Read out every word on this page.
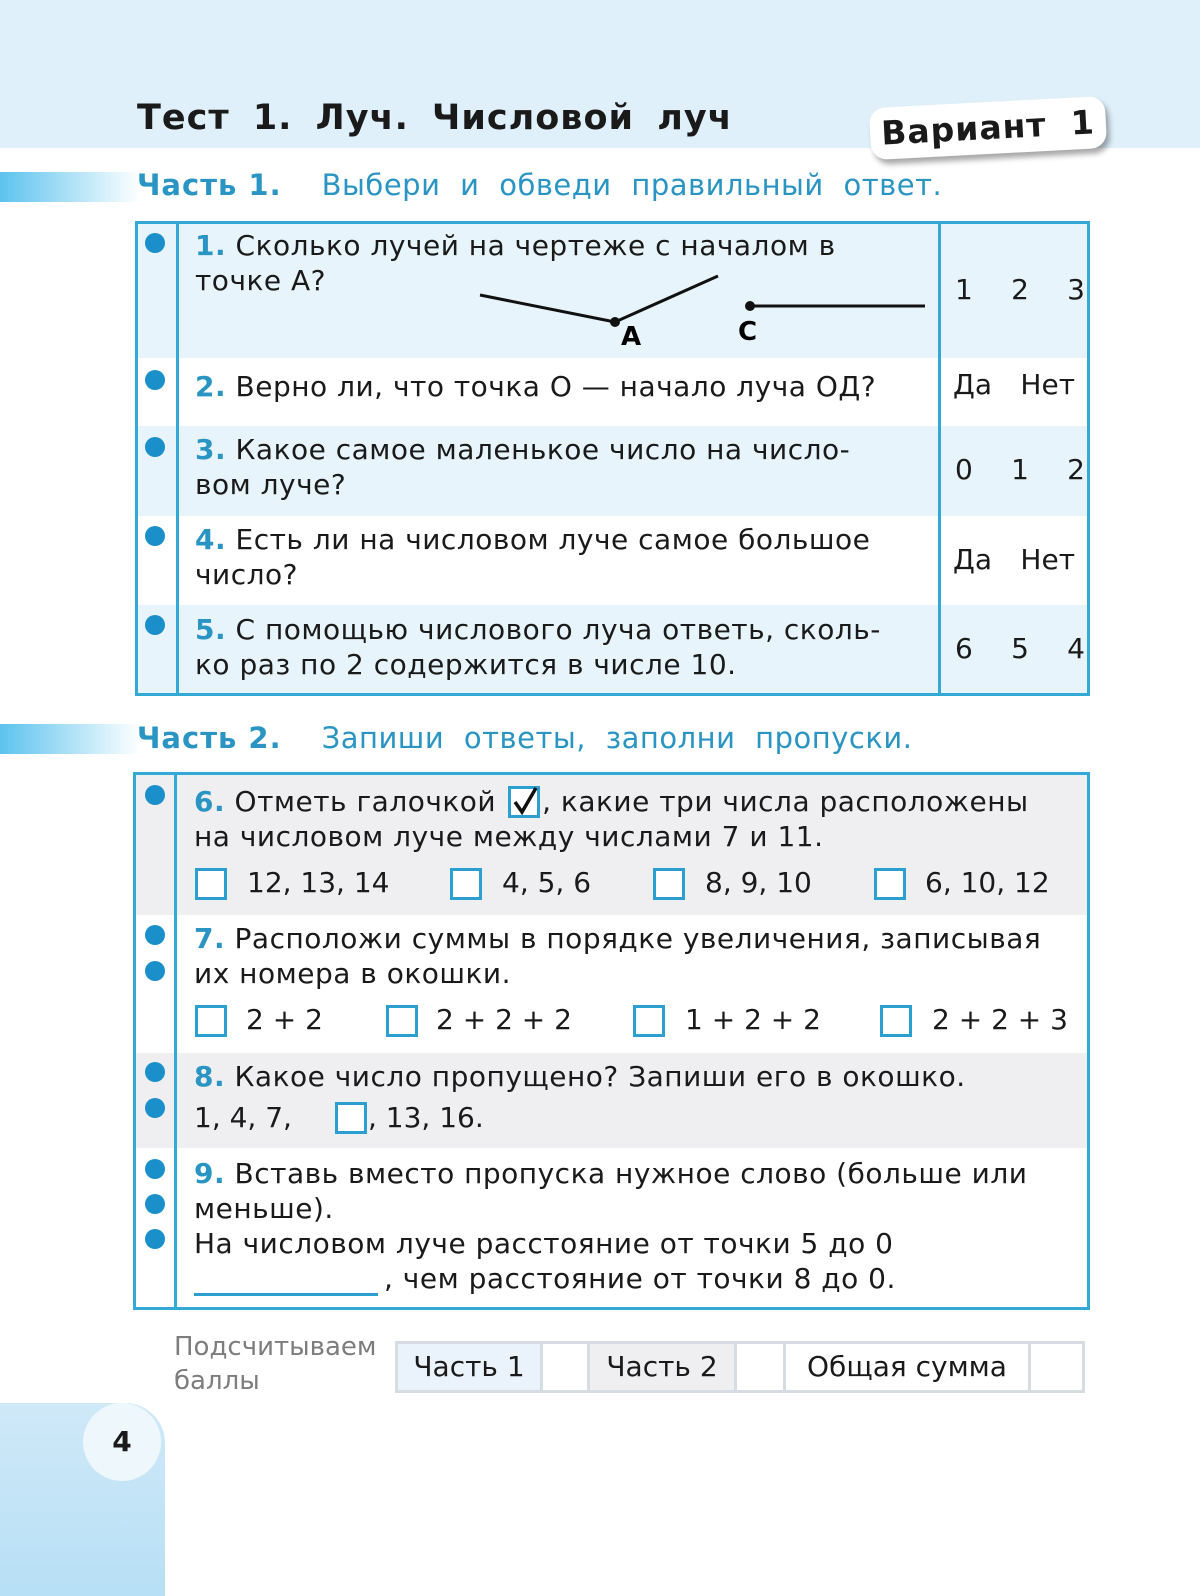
Тест 1. Луч. Числовой луч	Вариант 1
Часть 1. Выбери и обведи правильный ответ.
1. Сколько лучей на чертеже с началом в
точке А?
A	C
1 2 3
2. Верно ли, что точка О — начало луча ОД?	Да Нет
3. Какое самое маленькое число на число-
вом луче?	0 1 2
4. Есть ли на числовом луче самое большое
число?	Да Нет
5. С помощью числового луча ответь, сколь-
ко раз по 2 содержится в числе 10.	6 5 4
Часть 2. Запиши ответы, заполни пропуски.
6.
Отметь галочкой , какие три числа расположены
на числовом луче между числами 7 и 11.
12, 13, 14	4, 5, 6	8, 9, 10	6, 10, 12
7. Расположи суммы в порядке увеличения, записывая
их номера в окошки.
2 + 2	2 + 2 + 2	1 + 2 + 2	2 + 2 + 3
8. Какое число пропущено? Запиши его в окошко.
1, 4, 7,	, 13, 16.
9. Вставь вместо пропуска нужное слово (больше или
меньше).
На числовом луче расстояние от точки 5 до 0
, чем расстояние от точки 8 до 0.
Подсчитываем
баллы	Часть 1	Часть 2	Общая сумма
4
